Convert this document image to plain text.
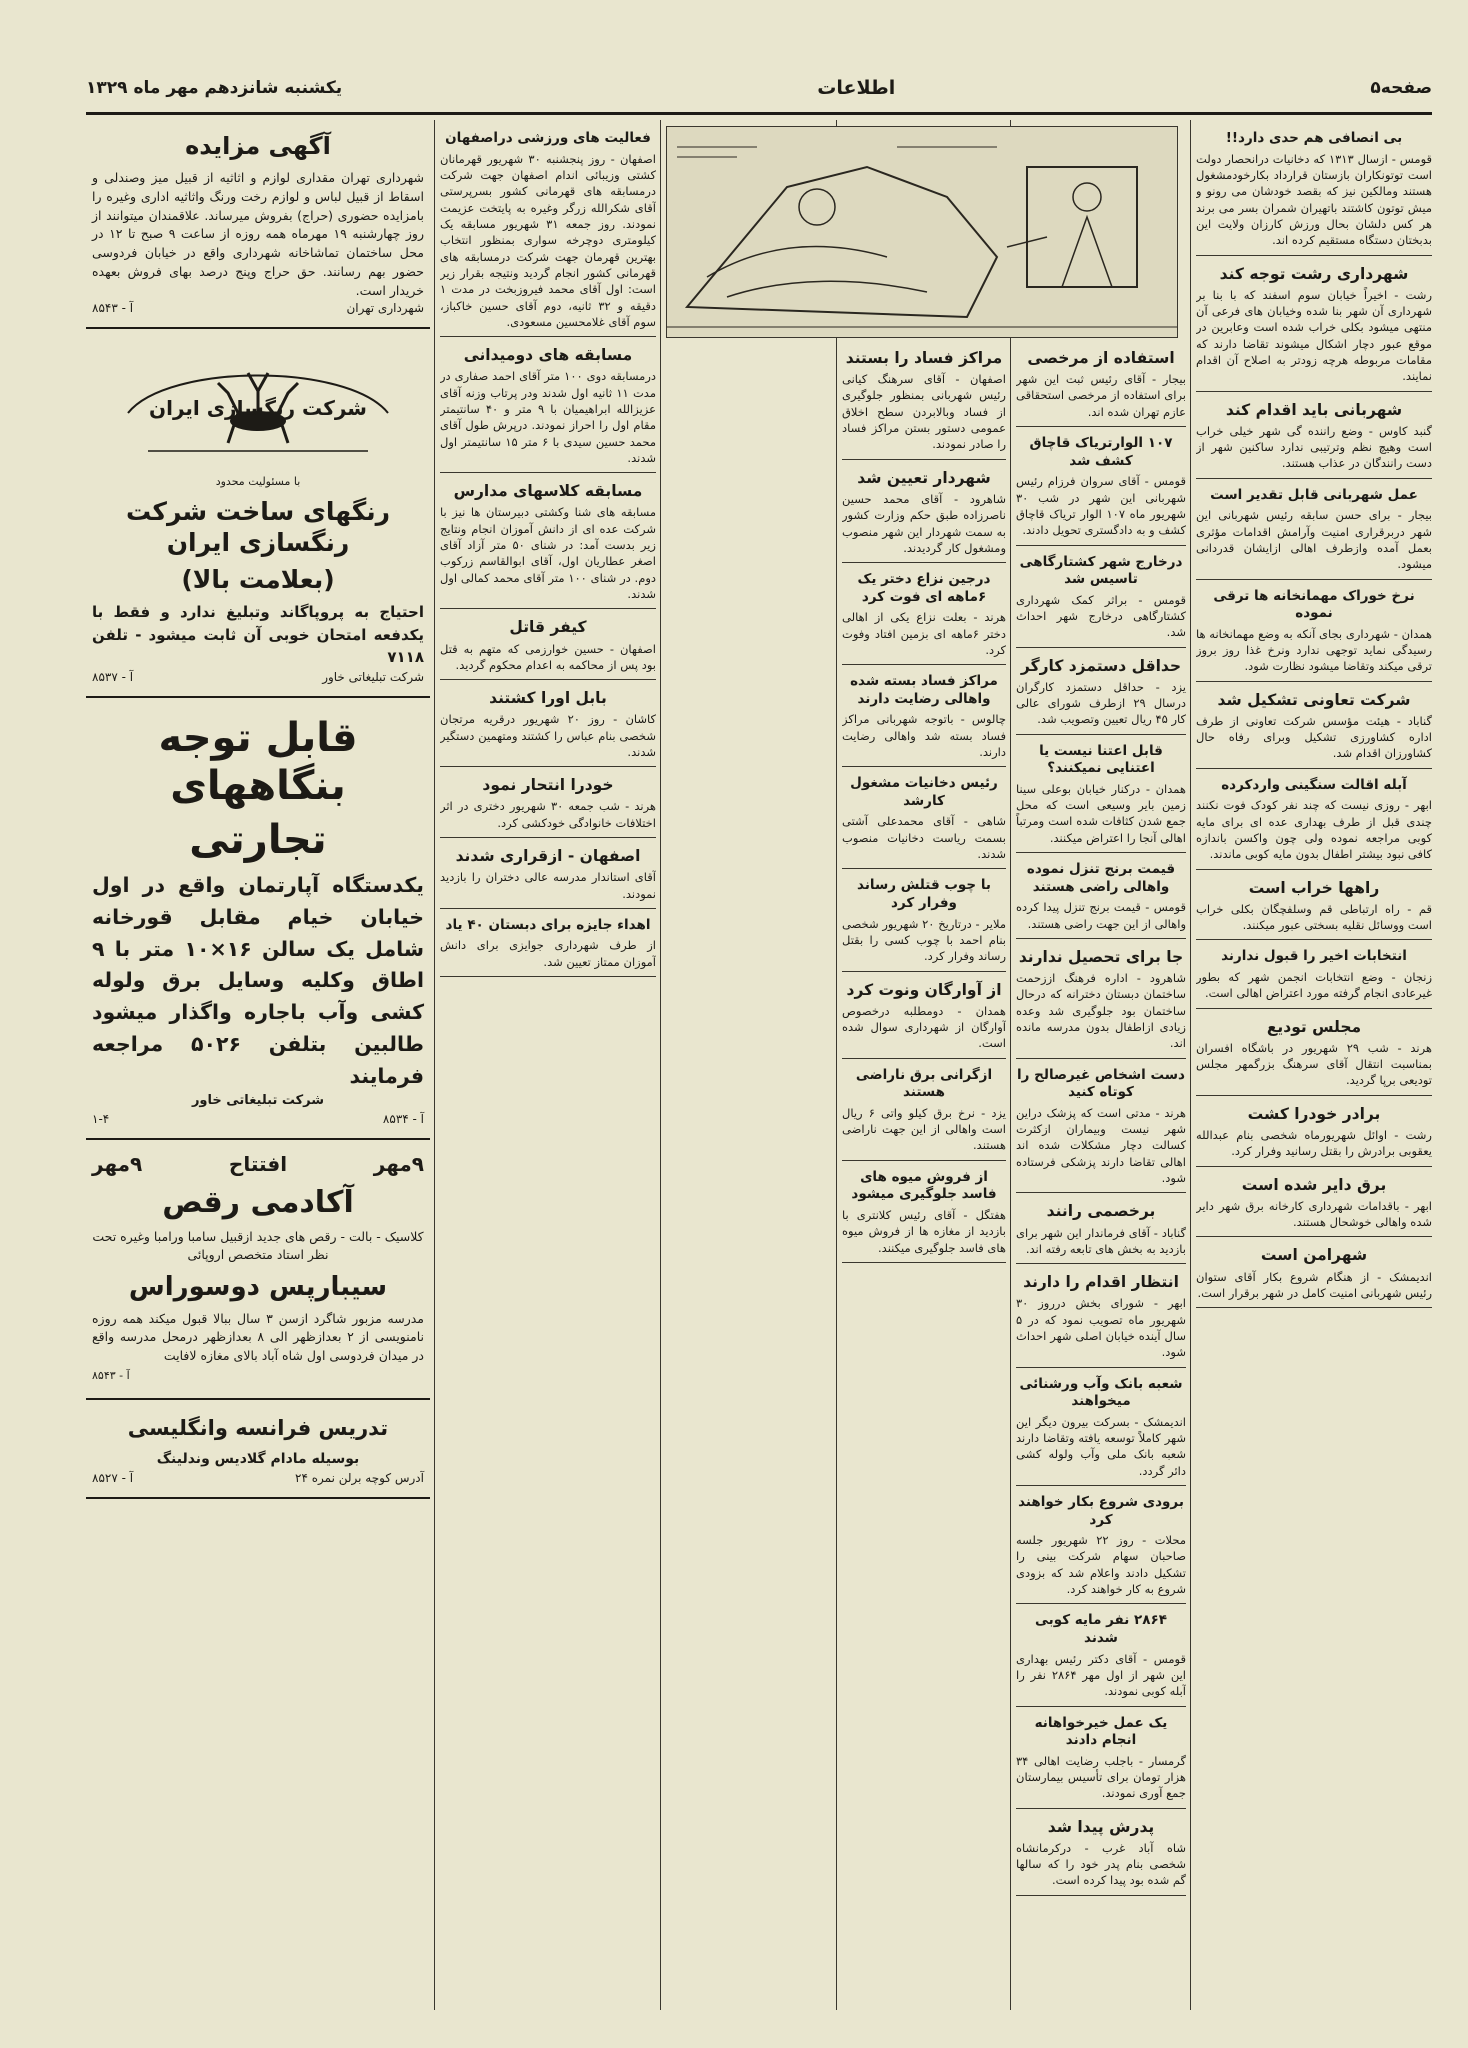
صفحه۵
اطلاعات
یکشنبه شانزدهم مهر ماه ۱۳۲۹
بی انصافی هم حدی دارد!!

قومس - ازسال ۱۳۱۳ که دخانیات درانحصار دولت است توتونکاران بازستان قرارداد بکارخودمشغول هستند ومالکین نیز که بقصد خودشان می رونو و میش توتون کاشتند باتهیران شمران بسر می برند هر کس دلشان بحال ورزش کارزان ولایت این بدبختان دستگاه مستقیم کرده اند.

شهرداری رشت توجه کند

رشت - اخیراً خیابان سوم اسفند که با بنا بر شهرداری آن شهر بنا شده وخیابان های فرعی آن منتهی میشود بکلی خراب شده است وعابرین در موقع عبور دچار اشکال میشوند تقاضا دارند که مقامات مربوطه هرچه زودتر به اصلاح آن اقدام نمایند.

شهربانی باید اقدام کند

گنبد کاوس - وضع راننده گی شهر خیلی خراب است وهیچ نظم وترتیبی ندارد ساکنین شهر از دست رانندگان در عذاب هستند.

عمل شهربانی قابل تقدیر است

بیجار - برای حسن سابقه رئیس شهربانی این شهر دربرقراری امنیت وآرامش اقدامات مؤثری بعمل آمده وازطرف اهالی ازایشان قدردانی میشود.

نرخ خوراک مهمانخانه ها ترقی نموده

همدان - شهرداری بجای آنکه به وضع مهمانخانه ها رسیدگی نماید توجهی ندارد ونرخ غذا روز بروز ترقی میکند وتقاضا میشود نظارت شود.

شرکت تعاونی تشکیل شد

گناباد - هیئت مؤسس شرکت تعاونی از طرف اداره کشاورزی تشکیل وبرای رفاه حال کشاورزان اقدام شد.

آبله اقالت سنگینی واردکرده

ابهر - روزی نیست که چند نفر کودک فوت نکنند چندی قبل از طرف بهداری عده ای برای مایه کوبی مراجعه نموده ولی چون واکسن باندازه کافی نبود بیشتر اطفال بدون مایه کوبی ماندند.

راهها خراب است

قم - راه ارتباطی قم وسلفچگان بکلی خراب است ووسائل نقلیه بسختی عبور میکنند.

انتخابات اخیر را قبول ندارند

زنجان - وضع انتخابات انجمن شهر که بطور غیرعادی انجام گرفته مورد اعتراض اهالی است.

مجلس تودیع

هرند - شب ۲۹ شهریور در باشگاه افسران بمناسبت انتقال آقای سرهنگ بزرگمهر مجلس تودیعی برپا گردید.

برادر خودرا کشت

رشت - اوائل شهریورماه شخصی بنام عبدالله یعقوبی برادرش را بقتل رسانید وفرار کرد.

برق دایر شده است

ابهر - باقدامات شهرداری کارخانه برق شهر دایر شده واهالی خوشحال هستند.

شهرامن است

اندیمشک - از هنگام شروع بکار آقای ستوان رئیس شهربانی امنیت کامل در شهر برقرار است.

استفاده از مرخصی

بیجار - آقای رئیس ثبت این شهر برای استفاده از مرخصی استحقاقی عازم تهران شده اند.

۱۰۷ الوارتریاک قاچاق کشف شد

قومس - آقای سروان فرزام رئیس شهربانی این شهر در شب ۳۰ شهریور ماه ۱۰۷ الوار تریاک قاچاق کشف و به دادگستری تحویل دادند.

درخارج شهر کشتارگاهی تاسیس شد

قومس - براثر کمک شهرداری کشتارگاهی درخارج شهر احداث شد.

حداقل دستمزد کارگر

یزد - حداقل دستمزد کارگران درسال ۲۹ ازطرف شورای عالی کار ۴۵ ریال تعیین وتصویب شد.

قابل اعتنا نیست یا اعتنایی نمیکنند؟

همدان - درکنار خیابان بوعلی سینا زمین بایر وسیعی است که محل جمع شدن کثافات شده است ومرتباً اهالی آنجا را اعتراض میکنند.

قیمت برنج تنزل نموده واهالی راضی هستند

قومس - قیمت برنج تنزل پیدا کرده واهالی از این جهت راضی هستند.

جا برای تحصیل ندارند

شاهرود - اداره فرهنگ اززحمت ساختمان دبستان دخترانه که درحال ساختمان بود جلوگیری شد وعده زیادی ازاطفال بدون مدرسه مانده اند.

دست اشخاص غیرصالح را کوتاه کنید

هرند - مدتی است که پزشک دراین شهر نیست وبیماران ازکثرت کسالت دچار مشکلات شده اند اهالی تقاضا دارند پزشکی فرستاده شود.

برخصمی رانند

گناباد - آقای فرماندار این شهر برای بازدید به بخش های تابعه رفته اند.

انتظار اقدام را دارند

ابهر - شورای بخش درروز ۳۰ شهریور ماه تصویب نمود که در ۵ سال آینده خیابان اصلی شهر احداث شود.

شعبه بانک وآب ورشنائی میخواهند

اندیمشک - بسرکت بیرون دیگر این شهر کاملاً توسعه یافته وتقاضا دارند شعبه بانک ملی وآب ولوله کشی دائر گردد.

برودی شروع بکار خواهند کرد

محلات - روز ۲۲ شهریور جلسه صاحبان سهام شرکت بینی را تشکیل دادند واعلام شد که بزودی شروع به کار خواهند کرد.

۲۸۶۴ نفر مایه کوبی شدند

قومس - آقای دکتر رئیس بهداری این شهر از اول مهر ۲۸۶۴ نفر را آبله کوبی نمودند.

یک عمل خیرخواهانه انجام دادند

گرمسار - باجلب رضایت اهالی ۳۴ هزار تومان برای تأسیس بیمارستان جمع آوری نمودند.

پدرش پیدا شد

شاه آباد غرب - درکرمانشاه شخصی بنام پدر خود را که سالها گم شده بود پیدا کرده است.

مراکز فساد را بستند

اصفهان - آقای سرهنگ کیانی رئیس شهربانی بمنظور جلوگیری از فساد وبالابردن سطح اخلاق عمومی دستور بستن مراکز فساد را صادر نمودند.

شهردار تعیین شد

شاهرود - آقای محمد حسین ناصرزاده طبق حکم وزارت کشور به سمت شهردار این شهر منصوب ومشغول کار گردیدند.

درجین نزاع دختر یک ۶ماهه ای فوت کرد

هرند - بعلت نزاع یکی از اهالی دختر ۶ماهه ای بزمین افتاد وفوت کرد.

مراکز فساد بسته شده واهالی رضایت دارند

چالوس - باتوجه شهربانی مراکز فساد بسته شد واهالی رضایت دارند.

رئیس دخانیات مشغول کارشد

شاهی - آقای محمدعلی آشتی بسمت ریاست دخانیات منصوب شدند.

با چوب قتلش رساند وفرار کرد

ملایر - درتاریخ ۲۰ شهریور شخصی بنام احمد با چوب کسی را بقتل رساند وفرار کرد.

از آوارگان ونوت کرد

همدان - دومطلبه درخصوص آوارگان از شهرداری سوال شده است.

ازگرانی برق ناراضی هستند

یزد - نرخ برق کیلو واتی ۶ ریال است واهالی از این جهت ناراضی هستند.

از فروش میوه های فاسد جلوگیری میشود

هفتگل - آقای رئیس کلانتری با بازدید از مغازه ها از فروش میوه های فاسد جلوگیری میکنند.

فعالیت های ورزشی دراصفهان

اصفهان - روز پنجشنبه ۳۰ شهریور قهرمانان کشتی وزیبائی اندام اصفهان جهت شرکت درمسابقه های قهرمانی کشور بسرپرستی آقای شکرالله زرگر وغیره به پایتخت عزیمت نمودند. روز جمعه ۳۱ شهریور مسابقه یک کیلومتری دوچرخه سواری بمنظور انتخاب بهترین قهرمان جهت شرکت درمسابقه های قهرمانی کشور انجام گردید ونتیجه بقرار زیر است: اول آقای محمد فیروزبخت در مدت ۱ دقیقه و ۳۲ ثانیه، دوم آقای حسین خاکباز، سوم آقای غلامحسین مسعودی.

مسابقه های دومیدانی

درمسابقه دوی ۱۰۰ متر آقای احمد صفاری در مدت ۱۱ ثانیه اول شدند ودر پرتاب وزنه آقای عزیزالله ابراهیمیان با ۹ متر و ۴۰ سانتیمتر مقام اول را احراز نمودند. درپرش طول آقای محمد حسین سیدی با ۶ متر ۱۵ سانتیمتر اول شدند.

مسابقه کلاسهای مدارس

مسابقه های شنا وکشتی دبیرستان ها نیز با شرکت عده ای از دانش آموزان انجام ونتایج زیر بدست آمد: در شنای ۵۰ متر آزاد آقای اصغر عطاریان اول، آقای ابوالقاسم زرکوب دوم. در شنای ۱۰۰ متر آقای محمد کمالی اول شدند.

کیفر قاتل

اصفهان - حسین خوارزمی که متهم به قتل بود پس از محاکمه به اعدام محکوم گردید.

بابل اورا کشتند

کاشان - روز ۲۰ شهریور درقریه مرتجان شخصی بنام عباس را کشتند ومتهمین دستگیر شدند.

خودرا انتحار نمود

هرند - شب جمعه ۳۰ شهریور دختری در اثر اختلافات خانوادگی خودکشی کرد.

اصفهان - ازقراری شدند

آقای استاندار مدرسه عالی دختران را بازدید نمودند.

اهداء جایزه برای دبستان ۴۰ یاد

از طرف شهرداری جوایزی برای دانش آموزان ممتاز تعیین شد.

آگهی مزایده
شهرداری تهران مقداری لوازم و اثاثیه از قبیل میز وصندلی و اسقاط از قبیل لباس و لوازم رخت ورنگ واثاثیه اداری وغیره را بامزایده حضوری (حراج) بفروش میرساند. علاقمندان میتوانند از روز چهارشنبه ۱۹ مهرماه همه روزه از ساعت ۹ صبح تا ۱۲ در محل ساختمان تماشاخانه شهرداری واقع در خیابان فردوسی حضور بهم رسانند. حق حراج وپنج درصد بهای فروش بعهده خریدار است.
شهرداری تهران
آ - ۸۵۴۳
شرکت رنگسازی ایران
با مسئولیت محدود
رنگهای ساخت شرکت رنگسازی ایران
(بعلامت بالا)
احتیاج به پروپاگاند وتبلیغ ندارد و فقط با یکدفعه امتحان خوبی آن ثابت میشود - تلفن ۷۱۱۸
شرکت تبلیغاتی خاور
آ - ۸۵۳۷
قابل توجه بنگاههای
تجارتی
یکدستگاه آپارتمان واقع در اول خیابان خیام مقابل قورخانه شامل یک سالن ۱۶×۱۰ متر با ۹ اطاق وکلیه وسایل برق ولوله کشی وآب باجاره واگذار میشود طالبین بتلفن ۵۰۲۶ مراجعه فرمایند
شرکت تبلیغاتی خاور
آ - ۸۵۳۴
۱-۴
۹مهر
افتتاح
۹مهر
آکادمی رقص
کلاسیک - بالت - رقص های جدید ازقبیل سامبا ورامبا وغیره تحت نظر استاد متخصص اروپائی
سیبارپس دوسوراس
مدرسه مزبور شاگرد ازسن ۳ سال ببالا قبول میکند همه روزه نامنویسی از ۲ بعدازظهر الی ۸ بعدازظهر درمحل مدرسه واقع در میدان فردوسی اول شاه آباد بالای مغازه لافایت
آ - ۸۵۴۳
تدریس فرانسه وانگلیسی
بوسیله مادام گلادیس وندلینگ
آدرس کوچه برلن نمره ۲۴
آ - ۸۵۲۷
